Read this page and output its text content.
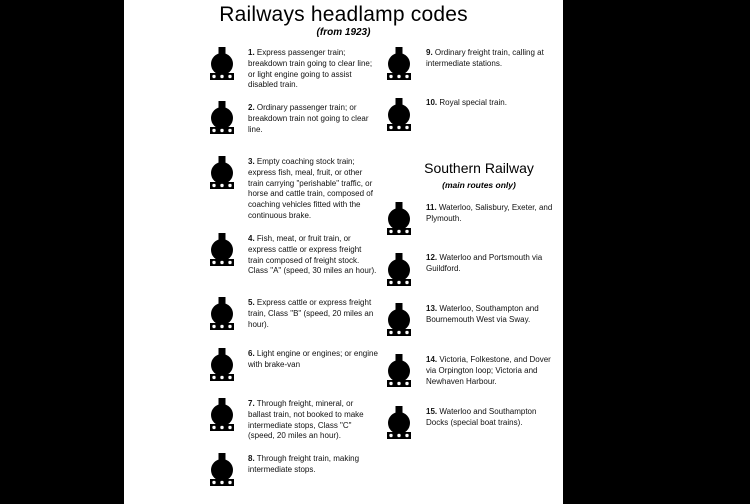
Railways headlamp codes
(from 1923)
Southern Railway
(main routes only)
1. Express passenger train; breakdown train going to clear line; or light engine going to assist disabled train.
2. Ordinary passenger train; or breakdown train not going to clear line.
3. Empty coaching stock train; express fish, meal, fruit, or other train carrying "perishable" traffic, or horse and cattle train, composed of coaching vehicles fitted with the continuous brake.
4. Fish, meat, or fruit train, or express cattle or express freight train composed of freight stock. Class "A" (speed, 30 miles an hour).
5. Express cattle or express freight train, Class "B" (speed, 20 miles an hour).
6. Light engine or engines; or engine with brake-van
7. Through freight, mineral, or ballast train, not booked to make intermediate stops, Class "C" (speed, 20 miles an hour).
8. Through freight train, making intermediate stops.
9. Ordinary freight train, calling at intermediate stations.
10. Royal special train.
11. Waterloo, Salisbury, Exeter, and Plymouth.
12. Waterloo and Portsmouth via Guildford.
13. Waterloo, Southampton and Bournemouth West via Sway.
14. Victoria, Folkestone, and Dover via Orpington loop; Victoria and Newhaven Harbour.
15. Waterloo and Southampton Docks (special boat trains).
